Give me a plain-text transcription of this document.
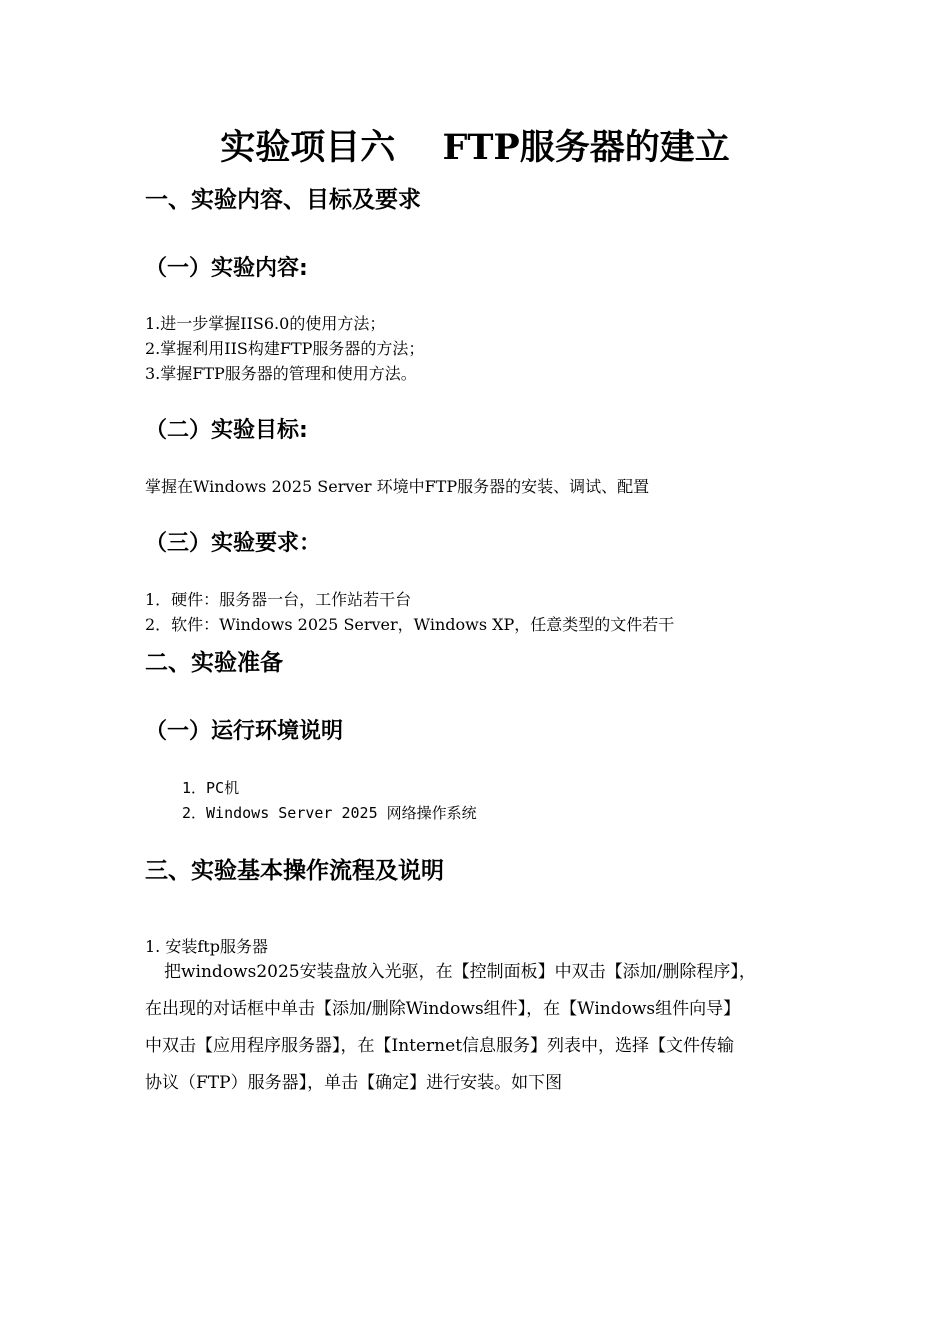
实验项目六　 FTP服务器的建立
一、实验内容、目标及要求
（一）实验内容:
1.进一步掌握IIS6.0的使用方法；
2.掌握利用IIS构建FTP服务器的方法；
3.掌握FTP服务器的管理和使用方法。
（二）实验目标:
掌握在Windows 2025 Server 环境中FTP服务器的安装、调试、配置
（三）实验要求：
1．硬件：服务器一台，工作站若干台
2．软件：Windows 2025 Server，Windows XP，任意类型的文件若干
二、实验准备
（一）运行环境说明
1．PC机
2．Windows Server 2025 网络操作系统
三、实验基本操作流程及说明
1. 安装ftp服务器
把windows2025安装盘放入光驱，在【控制面板】中双击【添加/删除程序】，
在出现的对话框中单击【添加/删除Windows组件】，在【Windows组件向导】
中双击【应用程序服务器】，在【Internet信息服务】列表中，选择【文件传输
协议（FTP）服务器】，单击【确定】进行安装。如下图
